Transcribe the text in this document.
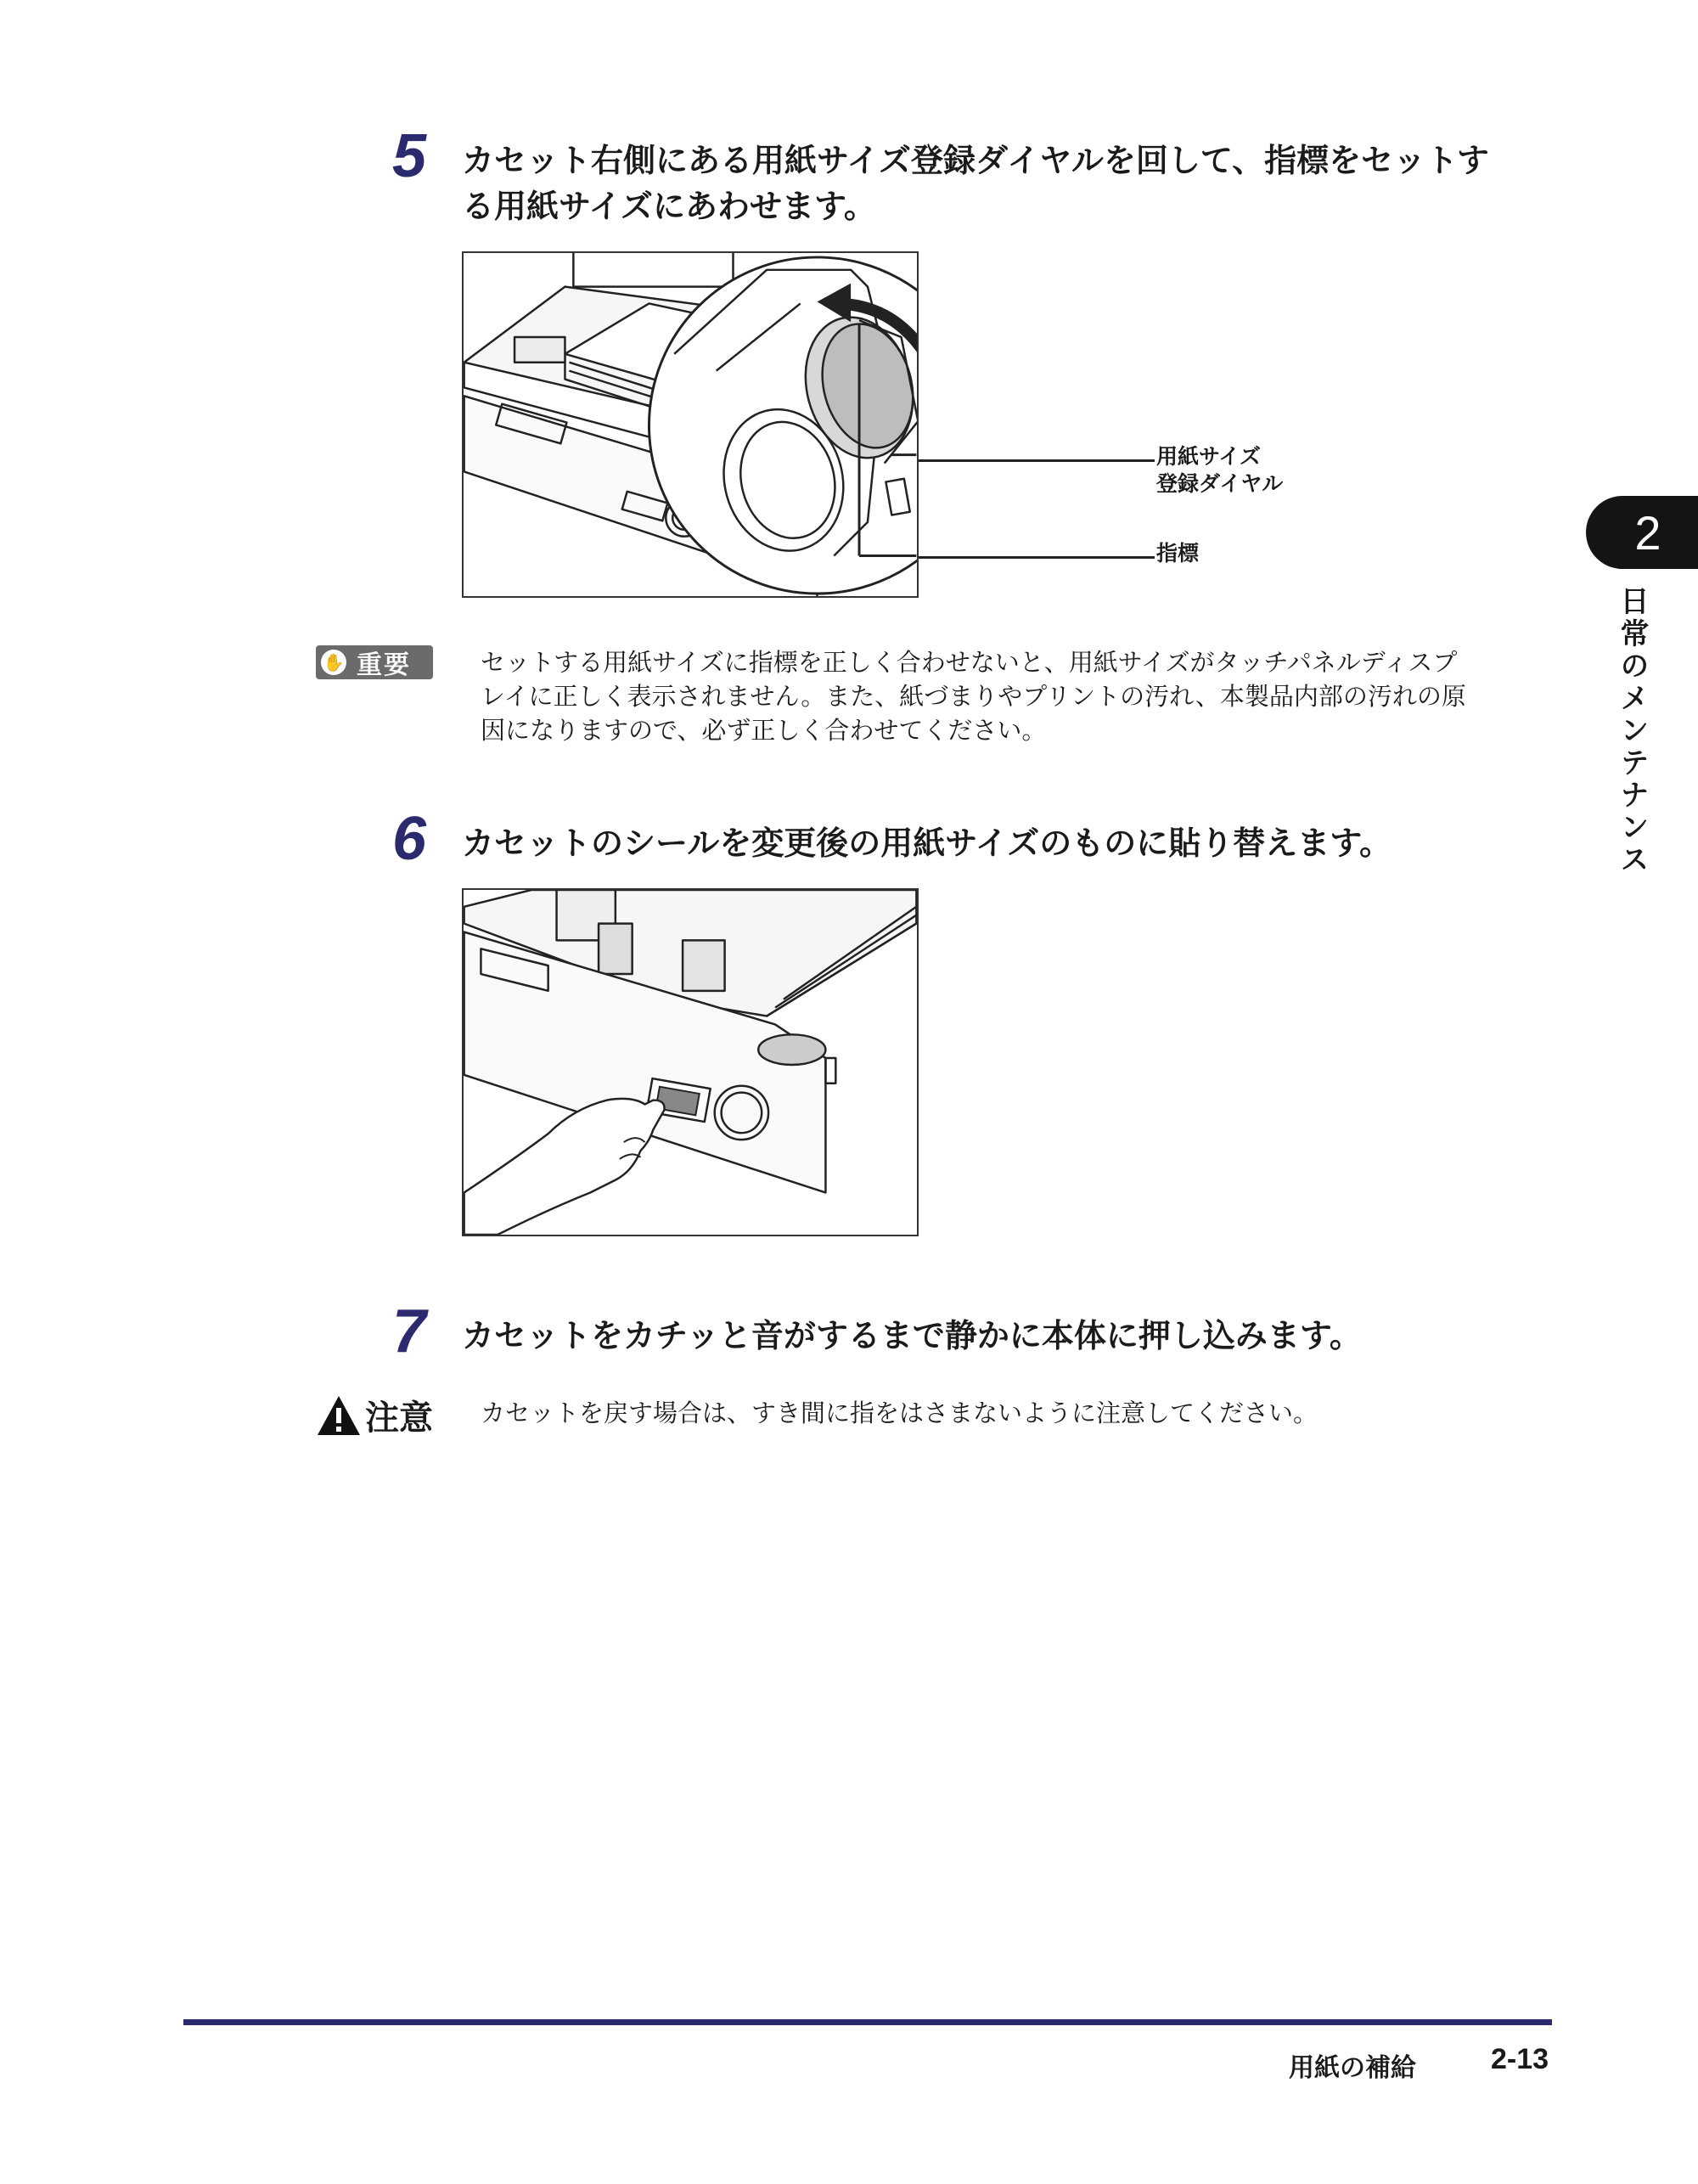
5 カセット右側にある用紙サイズ登録ダイヤルを回して、指標をセットす
る用紙サイズにあわせます。
用紙サイズ
登録ダイヤル
指標
✋ 重要	セットする用紙サイズに指標を正しく合わせないと、用紙サイズがタッチパネルディスプ
レイに正しく表示されません。また、紙づまりやプリントの汚れ、本製品内部の汚れの原
因になりますので、必ず正しく合わせてください。
6 カセットのシールを変更後の用紙サイズのものに貼り替えます。
7 カセットをカチッと音がするまで静かに本体に押し込みます。
注意 カセットを戻す場合は、すき間に指をはさまないように注意してください。
2
日常のメンテナンス
用紙の補給	2-13
